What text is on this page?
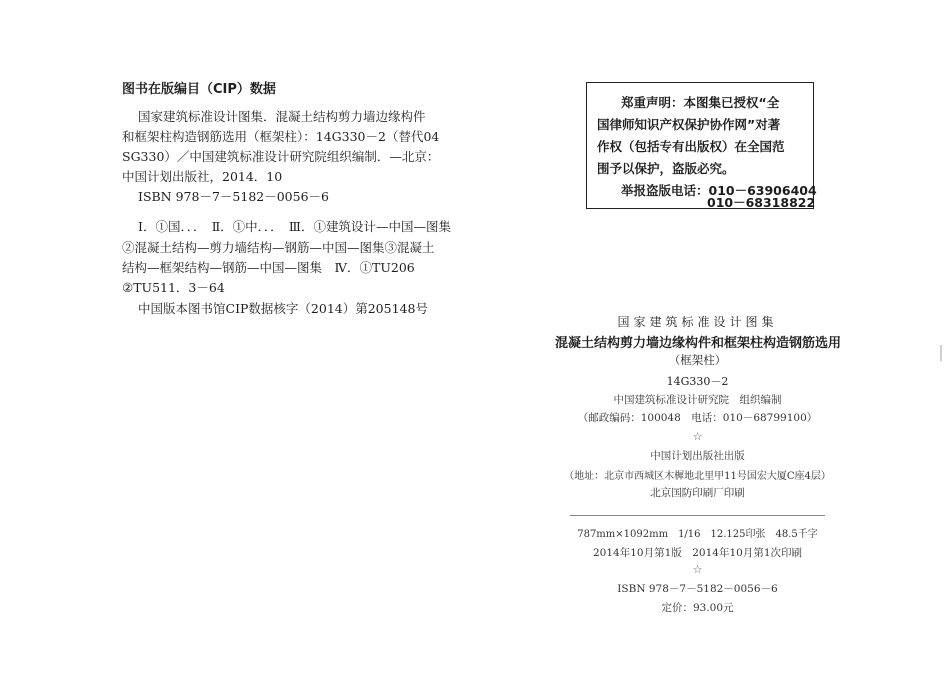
图书在版编目（CIP）数据
国家建筑标准设计图集．混凝土结构剪力墙边缘构件
和框架柱构造钢筋选用（框架柱）：14G330－2（替代04
SG330）／中国建筑标准设计研究院组织编制．—北京：
中国计划出版社，2014．10
ISBN 978－7－5182－0056－6
Ⅰ．①国．．．　Ⅱ．①中．．．　Ⅲ．①建筑设计—中国—图集
②混凝土结构—剪力墙结构—钢筋—中国—图集③混凝土
结构—框架结构—钢筋—中国—图集　Ⅳ．①TU206
②TU511．3－64
中国版本图书馆CIP数据核字（2014）第205148号
郑重声明：本图集已授权“全
国律师知识产权保护协作网”对著
作权（包括专有出版权）在全国范
围予以保护，盗版必究。
举报盗版电话：010－63906404
010－68318822
国家建筑标准设计图集
混凝土结构剪力墙边缘构件和框架柱构造钢筋选用
（框架柱）
14G330－2
中国建筑标准设计研究院　组织编制
（邮政编码：100048　电话：010－68799100）
☆
中国计划出版社出版
（地址：北京市西城区木樨地北里甲11号国宏大厦C座4层）
北京国防印刷厂印刷
787mm×1092mm　1/16　12.125印张　48.5千字
2014年10月第1版　2014年10月第1次印刷
☆
ISBN 978－7－5182－0056－6
定价：93.00元
